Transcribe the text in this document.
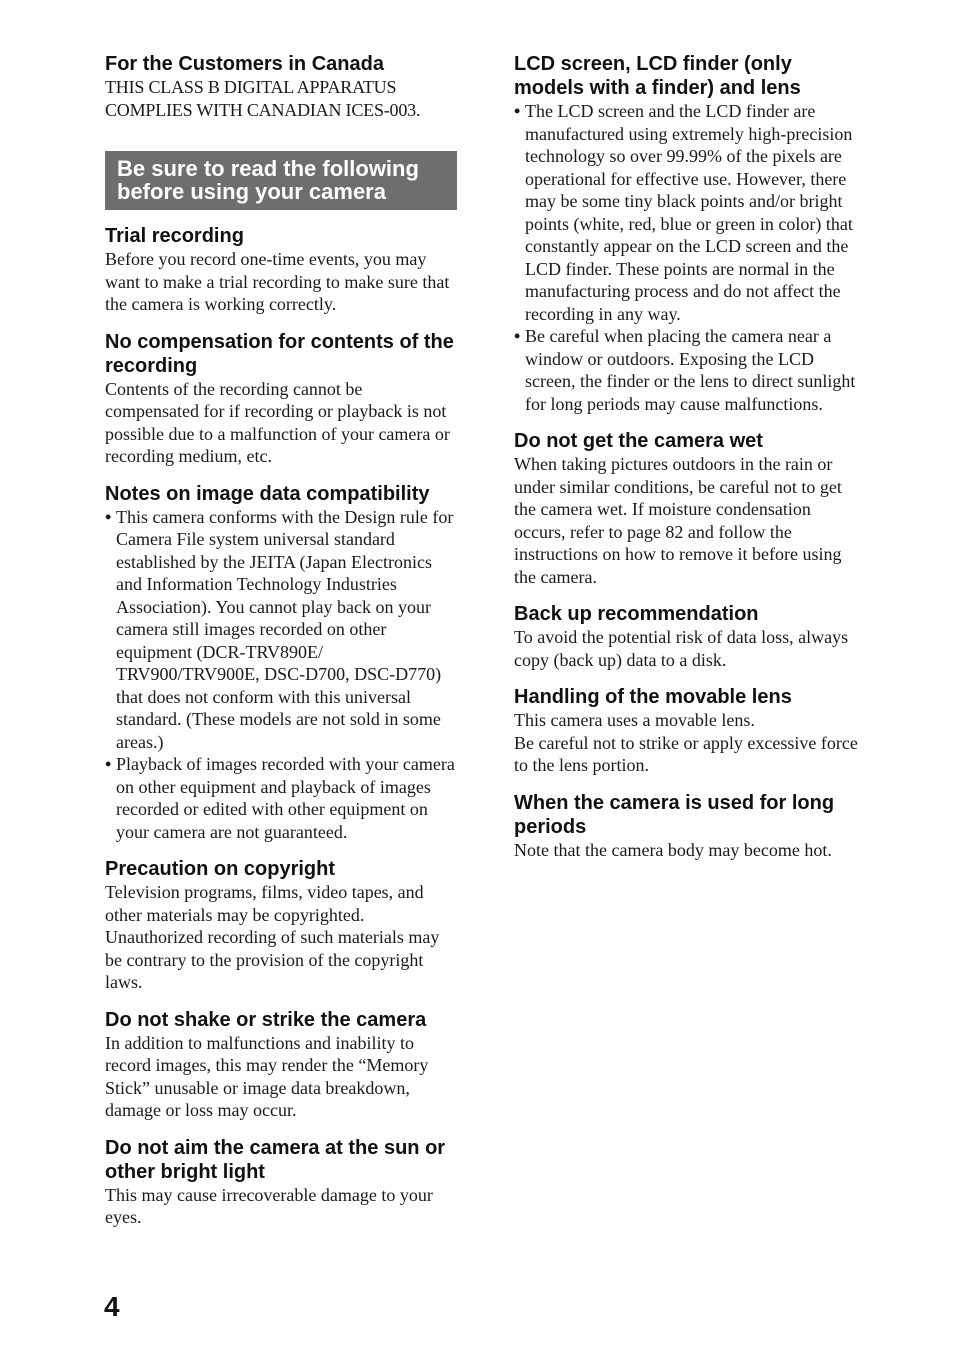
For the Customers in Canada

THIS CLASS B DIGITAL APPARATUS COMPLIES WITH CANADIAN ICES-003.

Be sure to read the following
before using your camera
Trial recording

Before you record one-time events, you may want to make a trial recording to make sure that the camera is working correctly.

No compensation for contents of the recording

Contents of the recording cannot be compensated for if recording or playback is not possible due to a malfunction of your camera or recording medium, etc.

Notes on image data compatibility
• This camera conforms with the Design rule for Camera File system universal standard established by the JEITA (Japan Electronics and Information Technology Industries Association). You cannot play back on your camera still images recorded on other equipment (DCR-TRV890E/ TRV900/TRV900E, DSC-D700, DSC-D770) that does not conform with this universal standard. (These models are not sold in some areas.)
• Playback of images recorded with your camera on other equipment and playback of images recorded or edited with other equipment on your camera are not guaranteed.
Precaution on copyright

Television programs, films, video tapes, and other materials may be copyrighted. Unauthorized recording of such materials may be contrary to the provision of the copyright laws.

Do not shake or strike the camera

In addition to malfunctions and inability to record images, this may render the “Memory Stick” unusable or image data breakdown, damage or loss may occur.

Do not aim the camera at the sun or other bright light

This may cause irrecoverable damage to your eyes.

LCD screen, LCD finder (only models with a finder) and lens
• The LCD screen and the LCD finder are manufactured using extremely high-precision technology so over 99.99% of the pixels are operational for effective use. However, there may be some tiny black points and/or bright points (white, red, blue or green in color) that constantly appear on the LCD screen and the LCD finder. These points are normal in the manufacturing process and do not affect the recording in any way.
• Be careful when placing the camera near a window or outdoors. Exposing the LCD screen, the finder or the lens to direct sunlight for long periods may cause malfunctions.
Do not get the camera wet

When taking pictures outdoors in the rain or under similar conditions, be careful not to get the camera wet. If moisture condensation occurs, refer to page 82 and follow the instructions on how to remove it before using the camera.

Back up recommendation

To avoid the potential risk of data loss, always copy (back up) data to a disk.

Handling of the movable lens

This camera uses a movable lens.

Be careful not to strike or apply excessive force to the lens portion.

When the camera is used for long periods

Note that the camera body may become hot.

4
